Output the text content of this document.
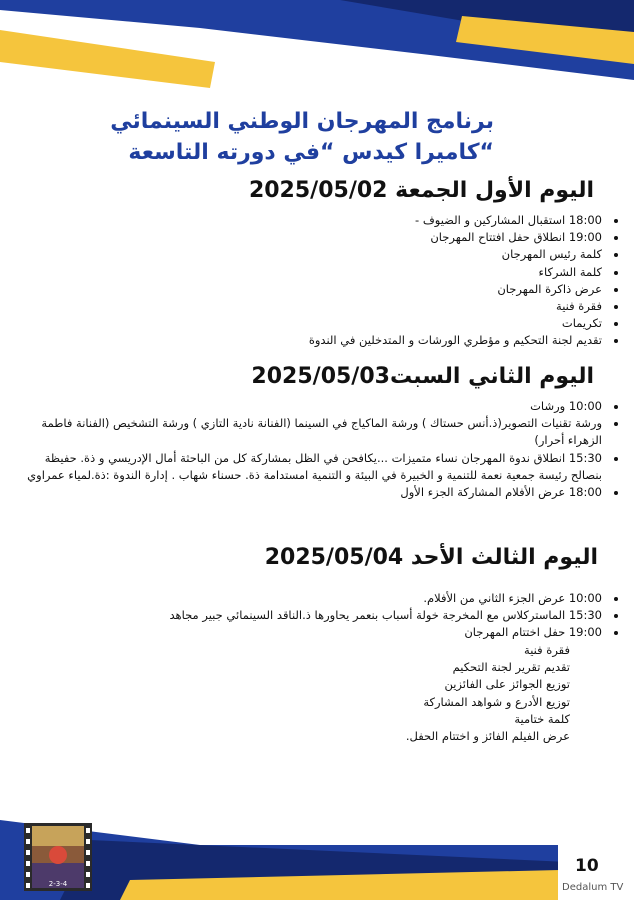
2-3-4
برنامج المهرجان الوطني السينمائي
“كاميرا كيدس “في دورته التاسعة
اليوم الأول الجمعة 2025/05/02
• 18:00 استقبال المشاركين و الضيوف -
• 19:00 انطلاق حفل افتتاح المهرجان
• كلمة رئيس المهرجان
• كلمة الشركاء
• عرض ذاكرة المهرجان
• فقرة فنية
• تكريمات
• تقديم لجنة التحكيم و مؤطري الورشات و المتدخلين في الندوة
اليوم الثاني السبت2025/05/03
• 10:00 ورشات
• ورشة تقنيات التصوير(ذ.أنس حستاك ) ورشة الماكياج في السينما (الفنانة نادية التازي ) ورشة التشخيص (الفنانة فاطمة الزهراء أحرار)
• 15:30 انطلاق ندوة المهرجان نساء متميزات ...يكافحن في الظل بمشاركة كل من الباحثة أمال الإدريسي و ذة. حفيظة بنصالح رئيسة جمعية نعمة للتنمية و الخبيرة في البيئة و التنمية امستدامة ذة. حسناء شهاب . إدارة الندوة :ذة.لمياء عمراوي
• 18:00 عرض الأفلام المشاركة الجزء الأول
اليوم الثالث الأحد 2025/05/04
• 10:00 عرض الجزء الثاني من الأفلام.
• 15:30 الماستركلاس مع المخرجة خولة أسباب بنعمر يحاورها ذ.الناقد السينمائي جبير مجاهد
• 19:00 حفل اختتام المهرجان
فقرة فنية
تقديم تقرير لجنة التحكيم
توزيع الجوائز على الفائزين
توزيع الأدرع و شواهد المشاركة
كلمة ختامية
عرض الفيلم الفائز و اختتام الحفل.
10
Dedalum TV
